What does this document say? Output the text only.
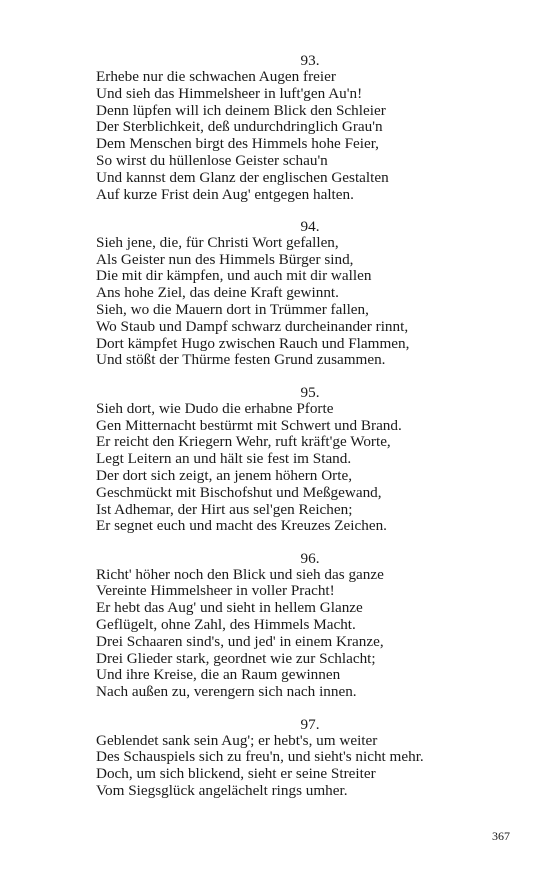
93.
Erhebe nur die schwachen Augen freier
Und sieh das Himmelsheer in luft'gen Au'n!
Denn lüpfen will ich deinem Blick den Schleier
Der Sterblichkeit, deß undurchdringlich Grau'n
Dem Menschen birgt des Himmels hohe Feier,
So wirst du hüllenlose Geister schau'n
Und kannst dem Glanz der englischen Gestalten
Auf kurze Frist dein Aug' entgegen halten.
94.
Sieh jene, die, für Christi Wort gefallen,
Als Geister nun des Himmels Bürger sind,
Die mit dir kämpfen, und auch mit dir wallen
Ans hohe Ziel, das deine Kraft gewinnt.
Sieh, wo die Mauern dort in Trümmer fallen,
Wo Staub und Dampf schwarz durcheinander rinnt,
Dort kämpfet Hugo zwischen Rauch und Flammen,
Und stößt der Thürme festen Grund zusammen.
95.
Sieh dort, wie Dudo die erhabne Pforte
Gen Mitternacht bestürmt mit Schwert und Brand.
Er reicht den Kriegern Wehr, ruft kräft'ge Worte,
Legt Leitern an und hält sie fest im Stand.
Der dort sich zeigt, an jenem höhern Orte,
Geschmückt mit Bischofshut und Meßgewand,
Ist Adhemar, der Hirt aus sel'gen Reichen;
Er segnet euch und macht des Kreuzes Zeichen.
96.
Richt' höher noch den Blick und sieh das ganze
Vereinte Himmelsheer in voller Pracht!
Er hebt das Aug' und sieht in hellem Glanze
Geflügelt, ohne Zahl, des Himmels Macht.
Drei Schaaren sind's, und jed' in einem Kranze,
Drei Glieder stark, geordnet wie zur Schlacht;
Und ihre Kreise, die an Raum gewinnen
Nach außen zu, verengern sich nach innen.
97.
Geblendet sank sein Aug'; er hebt's, um weiter
Des Schauspiels sich zu freu'n, und sieht's nicht mehr.
Doch, um sich blickend, sieht er seine Streiter
Vom Siegsglück angelächelt rings umher.
367
